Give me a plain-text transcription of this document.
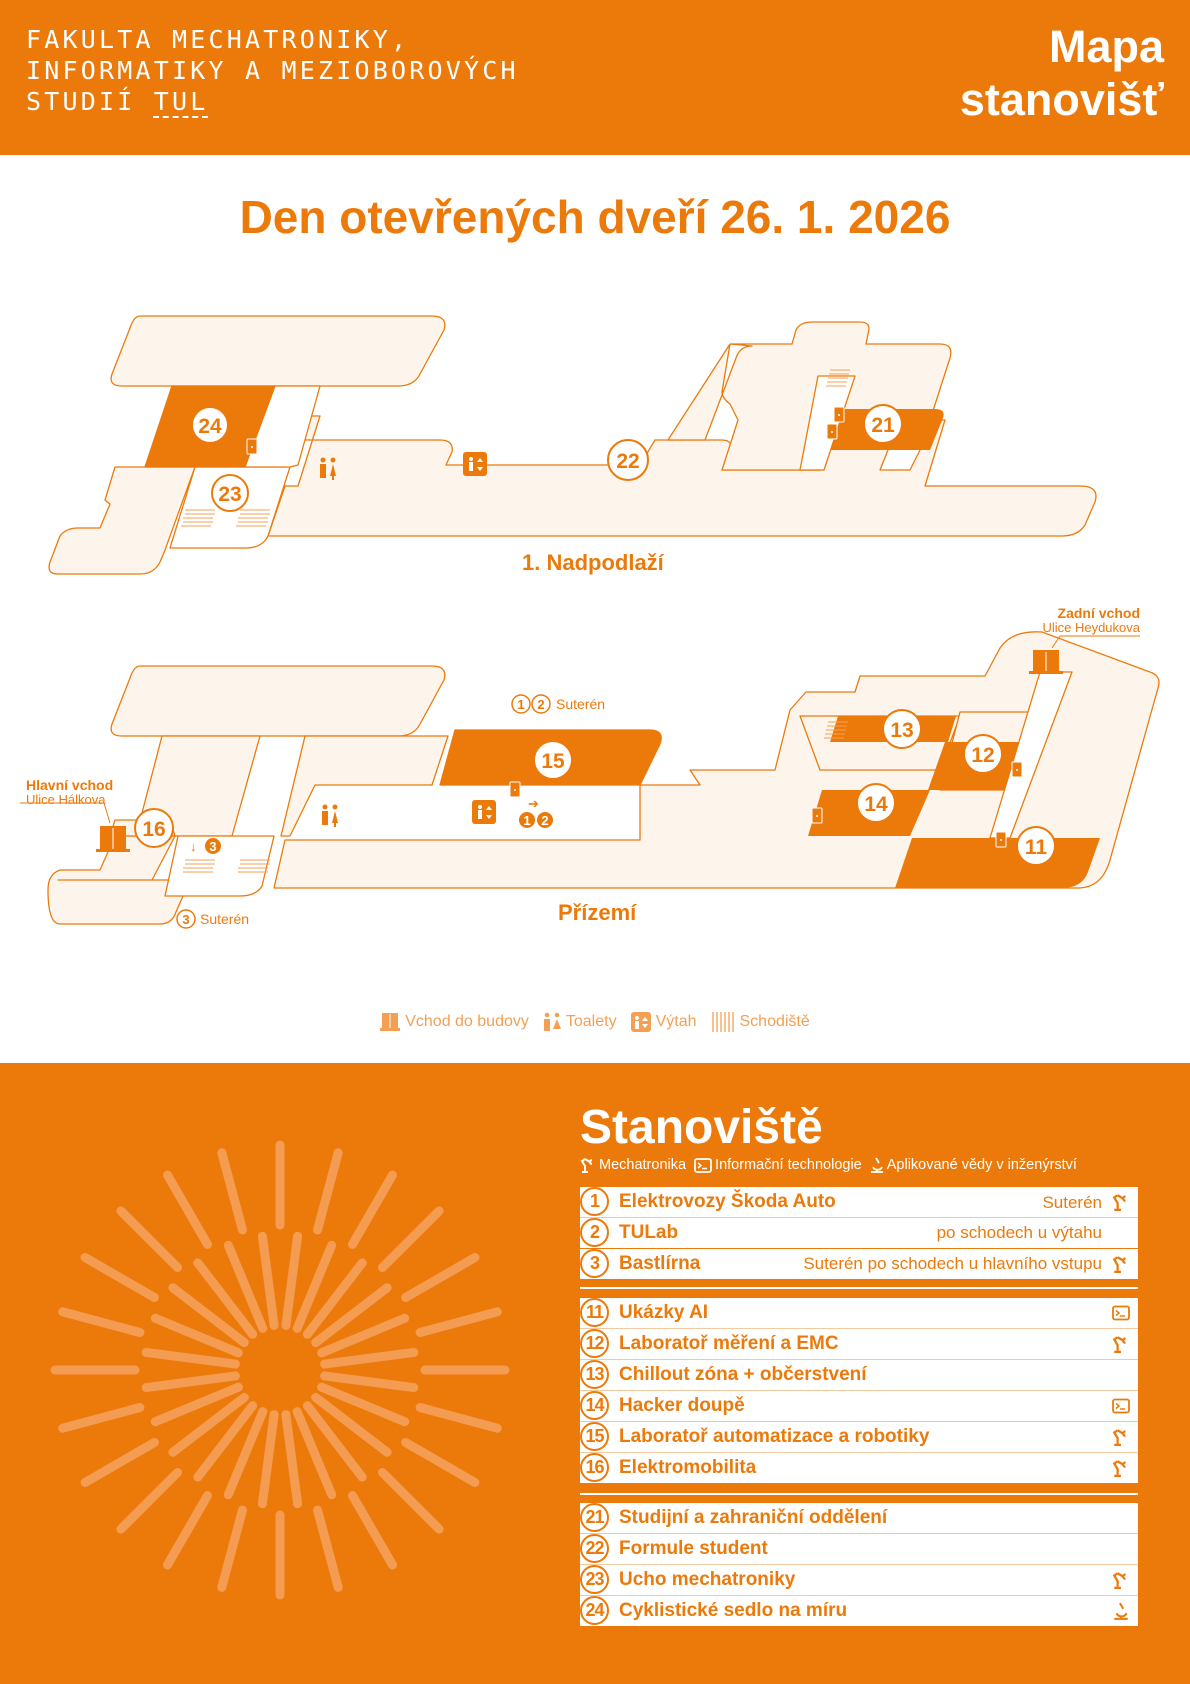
FAKULTA MECHATRONIKY,
INFORMATIKY A MEZIOBOROVÝCH
STUDIÍ TUL
Mapa
stanovišť
Den otevřených dveří 26. 1. 2026
24
23
22
21
15
16
13
12
14
11
1 2
1 2
3
3
➔
↓
1. Nadpodlaží
Přízemí
Hlavní vchod
Ulice Hálkova
Zadní vchod
Ulice Heydukova
Suterén
Suterén
Vchod do budovy Toalety Výtah	Schodiště
Stanoviště
Mechatronika Informační technologie Aplikované vědy v inženýrství
1	Elektrovozy Škoda Auto	Suterén
2	TULab	po schodech u výtahu
3	Bastlírna	Suterén po schodech u hlavního vstupu
11 Ukázky AI
12 Laboratoř měření a EMC
13 Chillout zóna + občerstvení
14 Hacker doupě
15 Laboratoř automatizace a robotiky
16 Elektromobilita
21 Studijní a zahraniční oddělení
22 Formule student
23 Ucho mechatroniky
24 Cyklistické sedlo na míru
